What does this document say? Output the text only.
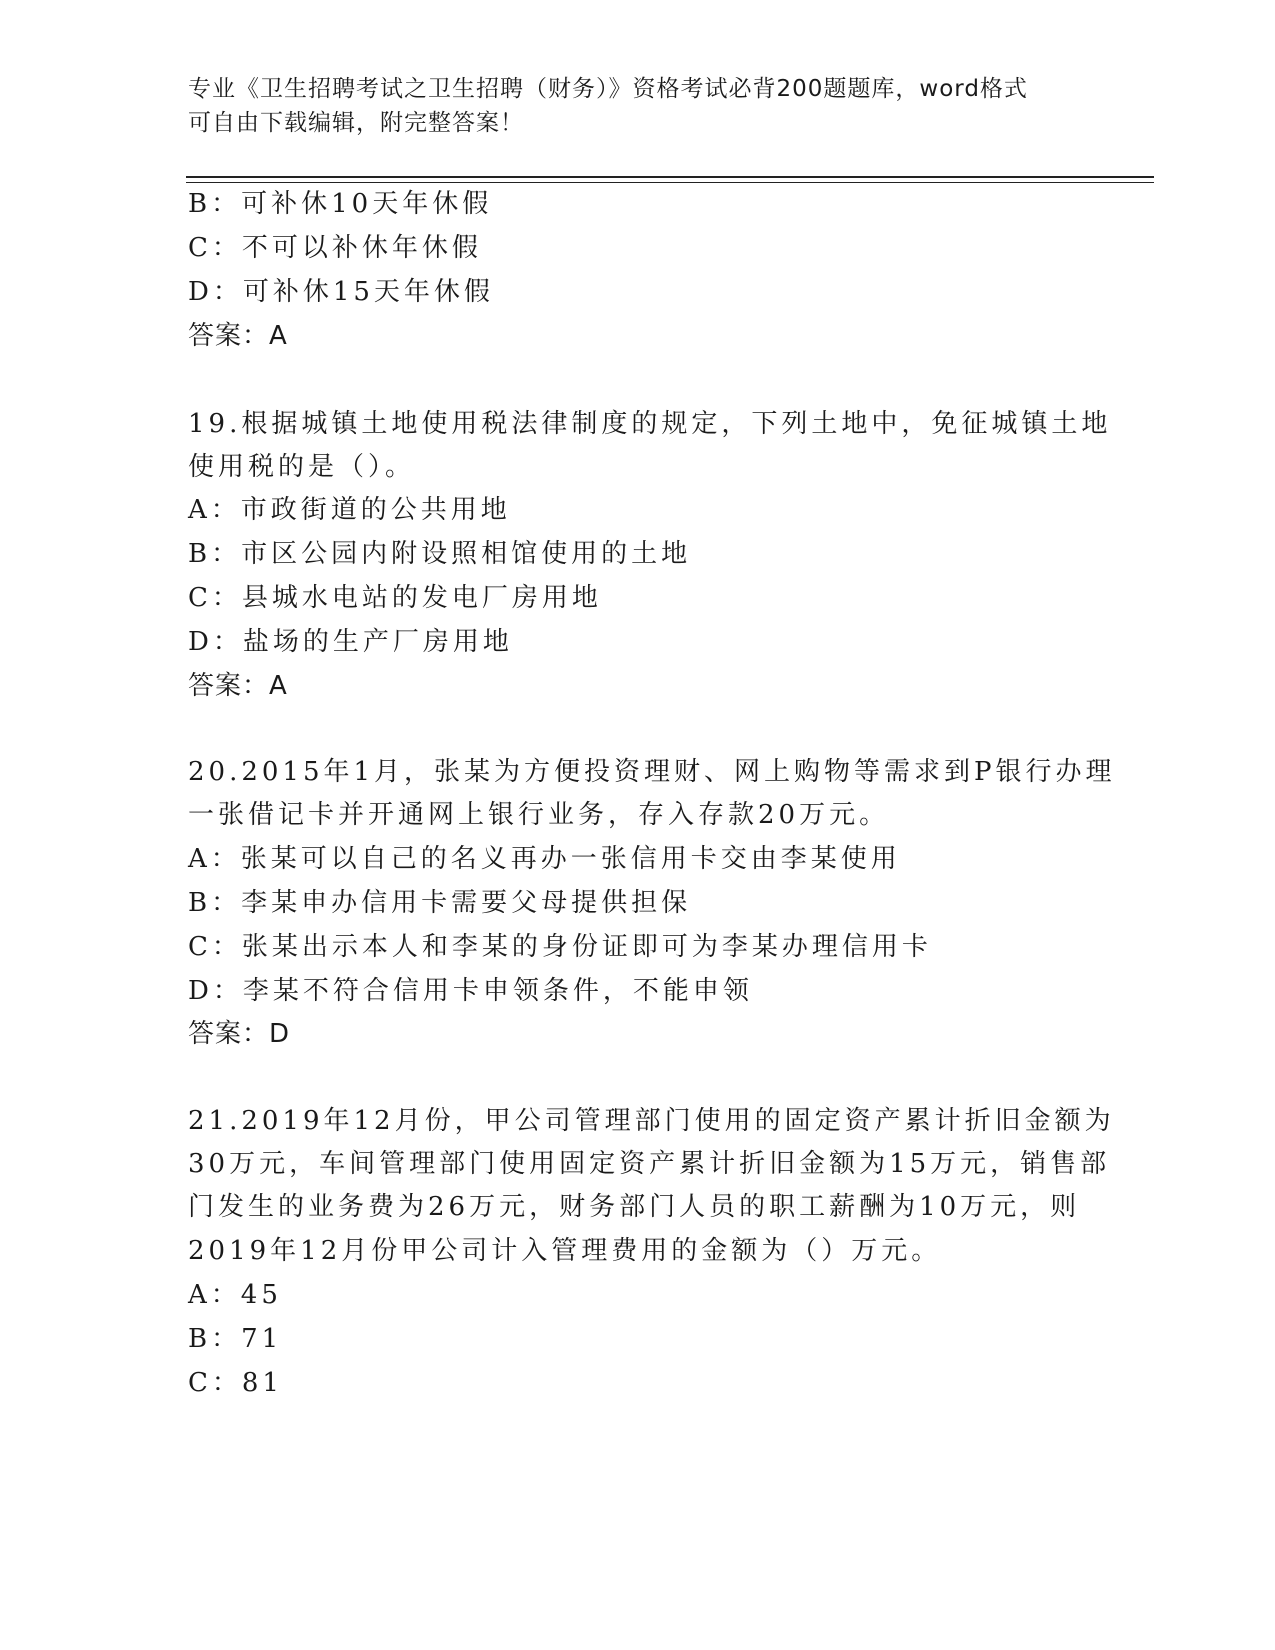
专业《卫生招聘考试之卫生招聘（财务）》资格考试必背200题题库，word格式

可自由下载编辑，附完整答案！

B：可补休10天年休假
C：不可以补休年休假
D：可补休15天年休假
答案：A
19.根据城镇土地使用税法律制度的规定，下列土地中，免征城镇土地
使用税的是（）。
A：市政街道的公共用地
B：市区公园内附设照相馆使用的土地
C：县城水电站的发电厂房用地
D：盐场的生产厂房用地
答案：A
20.2015年1月，张某为方便投资理财、网上购物等需求到P银行办理
一张借记卡并开通网上银行业务，存入存款20万元。
A：张某可以自己的名义再办一张信用卡交由李某使用
B：李某申办信用卡需要父母提供担保
C：张某出示本人和李某的身份证即可为李某办理信用卡
D：李某不符合信用卡申领条件，不能申领
答案：D
21.2019年12月份，甲公司管理部门使用的固定资产累计折旧金额为
30万元，车间管理部门使用固定资产累计折旧金额为15万元，销售部
门发生的业务费为26万元，财务部门人员的职工薪酬为10万元，则
2019年12月份甲公司计入管理费用的金额为（）万元。
A：45
B：71
C：81
